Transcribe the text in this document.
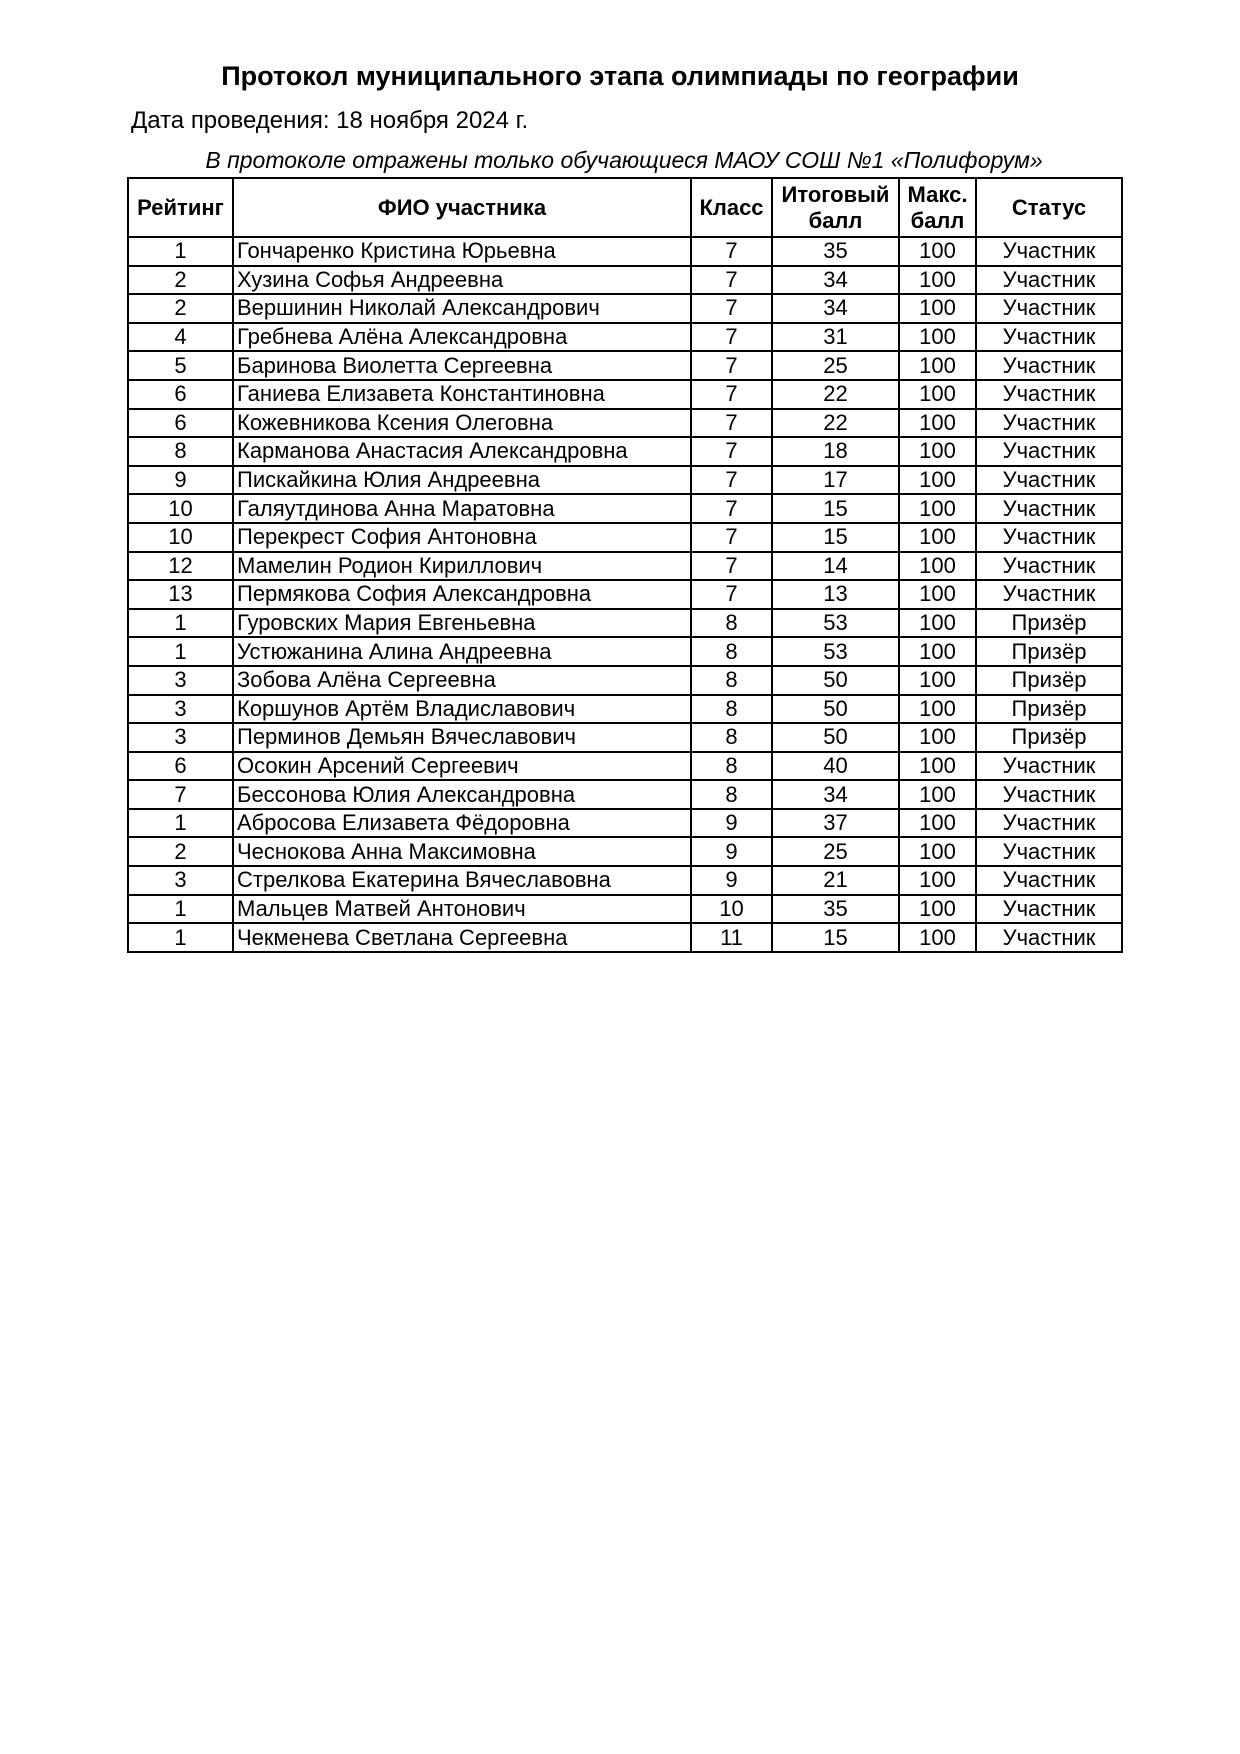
Протокол муниципального этапа олимпиады по географии
Дата проведения: 18 ноября 2024 г.
В протоколе отражены только обучающиеся МАОУ СОШ №1 «Полифорум»
Рейтинг	ФИО участника	Класс	Итоговый балл	Макс. балл	Статус
1	Гончаренко Кристина Юрьевна	7	35	100	Участник
2	Хузина Софья Андреевна	7	34	100	Участник
2	Вершинин Николай Александрович	7	34	100	Участник
4	Гребнева Алёна Александровна	7	31	100	Участник
5	Баринова Виолетта Сергеевна	7	25	100	Участник
6	Ганиева Елизавета Константиновна	7	22	100	Участник
6	Кожевникова Ксения Олеговна	7	22	100	Участник
8	Карманова Анастасия Александровна	7	18	100	Участник
9	Пискайкина Юлия Андреевна	7	17	100	Участник
10	Галяутдинова Анна Маратовна	7	15	100	Участник
10	Перекрест София Антоновна	7	15	100	Участник
12	Мамелин Родион Кириллович	7	14	100	Участник
13	Пермякова София Александровна	7	13	100	Участник
1	Гуровских Мария Евгеньевна	8	53	100	Призёр
1	Устюжанина Алина Андреевна	8	53	100	Призёр
3	Зобова Алёна Сергеевна	8	50	100	Призёр
3	Коршунов Артём Владиславович	8	50	100	Призёр
3	Перминов Демьян Вячеславович	8	50	100	Призёр
6	Осокин Арсений Сергеевич	8	40	100	Участник
7	Бессонова Юлия Александровна	8	34	100	Участник
1	Абросова Елизавета Фёдоровна	9	37	100	Участник
2	Чеснокова Анна Максимовна	9	25	100	Участник
3	Стрелкова Екатерина Вячеславовна	9	21	100	Участник
1	Мальцев Матвей Антонович	10	35	100	Участник
1	Чекменева Светлана Сергеевна	11	15	100	Участник
